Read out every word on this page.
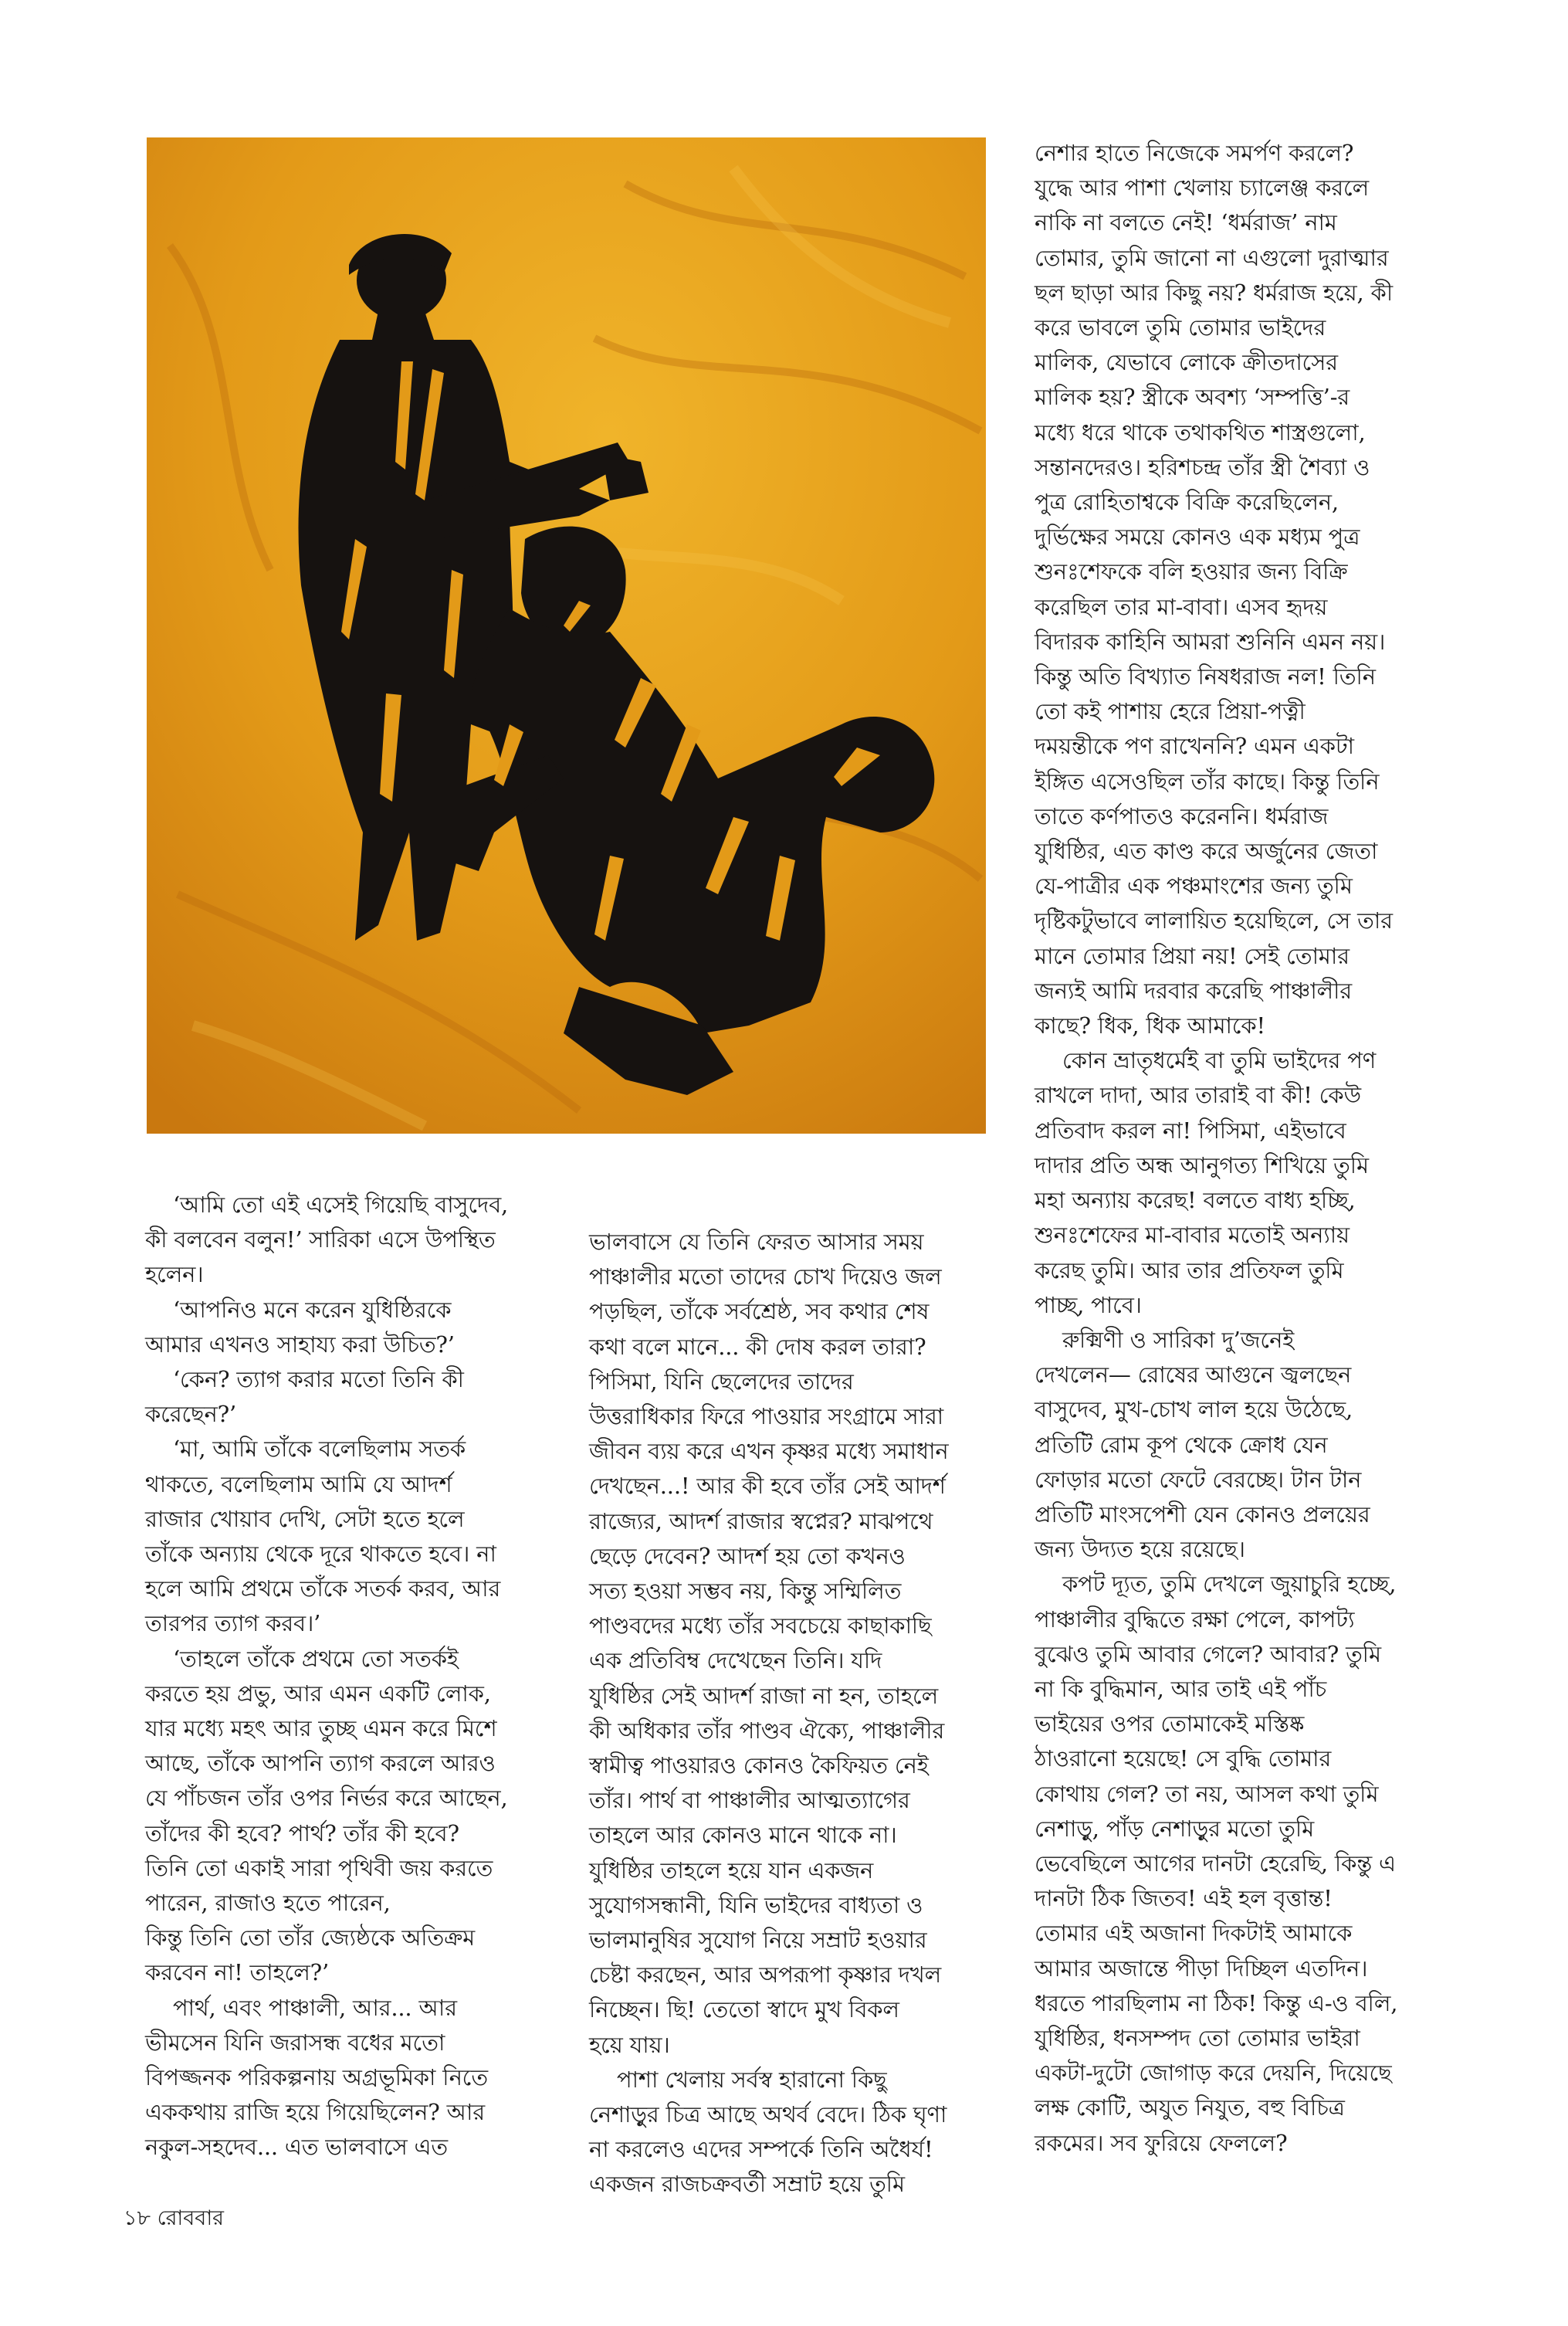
‘আমি তো এই এসেই গিয়েছি বাসুদেব,
কী বলবেন বলুন!’ সারিকা এসে উপস্থিত
হলেন।

‘আপনিও মনে করেন যুধিষ্ঠিরকে
আমার এখনও সাহায্য করা উচিত?’

‘কেন? ত্যাগ করার মতো তিনি কী
করেছেন?’

‘মা, আমি তাঁকে বলেছিলাম সতর্ক
থাকতে, বলেছিলাম আমি যে আদর্শ
রাজার খোয়াব দেখি, সেটা হতে হলে
তাঁকে অন্যায় থেকে দূরে থাকতে হবে। না
হলে আমি প্রথমে তাঁকে সতর্ক করব, আর
তারপর ত্যাগ করব।’

‘তাহলে তাঁকে প্রথমে তো সতর্কই
করতে হয় প্রভু, আর এমন একটি লোক,
যার মধ্যে মহৎ আর তুচ্ছ এমন করে মিশে
আছে, তাঁকে আপনি ত্যাগ করলে আরও
যে পাঁচজন তাঁর ওপর নির্ভর করে আছেন,
তাঁদের কী হবে? পার্থ? তাঁর কী হবে?
তিনি তো একাই সারা পৃথিবী জয় করতে
পারেন, রাজাও হতে পারেন,
কিন্তু তিনি তো তাঁর জ্যেষ্ঠকে অতিক্রম
করবেন না! তাহলে?’

পার্থ, এবং পাঞ্চালী, আর... আর
ভীমসেন যিনি জরাসন্ধ বধের মতো
বিপজ্জনক পরিকল্পনায় অগ্রভূমিকা নিতে
এককথায় রাজি হয়ে গিয়েছিলেন? আর
নকুল-সহদেব... এত ভালবাসে এত

ভালবাসে যে তিনি ফেরত আসার সময়
পাঞ্চালীর মতো তাদের চোখ দিয়েও জল
পড়ছিল, তাঁকে সর্বশ্রেষ্ঠ, সব কথার শেষ
কথা বলে মানে... কী দোষ করল তারা?
পিসিমা, যিনি ছেলেদের তাদের
উত্তরাধিকার ফিরে পাওয়ার সংগ্রামে সারা
জীবন ব্যয় করে এখন কৃষ্ণর মধ্যে সমাধান
দেখছেন...! আর কী হবে তাঁর সেই আদর্শ
রাজ্যের, আদর্শ রাজার স্বপ্নের? মাঝপথে
ছেড়ে দেবেন? আদর্শ হয় তো কখনও
সত্য হওয়া সম্ভব নয়, কিন্তু সম্মিলিত
পাণ্ডবদের মধ্যে তাঁর সবচেয়ে কাছাকাছি
এক প্রতিবিম্ব দেখেছেন তিনি। যদি
যুধিষ্ঠির সেই আদর্শ রাজা না হন, তাহলে
কী অধিকার তাঁর পাণ্ডব ঐক্যে, পাঞ্চালীর
স্বামীত্ব পাওয়ারও কোনও কৈফিয়ত নেই
তাঁর। পার্থ বা পাঞ্চালীর আত্মত্যাগের
তাহলে আর কোনও মানে থাকে না।
যুধিষ্ঠির তাহলে হয়ে যান একজন
সুযোগসন্ধানী, যিনি ভাইদের বাধ্যতা ও
ভালমানুষির সুযোগ নিয়ে সম্রাট হওয়ার
চেষ্টা করছেন, আর অপরূপা কৃষ্ণার দখল
নিচ্ছেন। ছি! তেতো স্বাদে মুখ বিকল
হয়ে যায়।

পাশা খেলায় সর্বস্ব হারানো কিছু
নেশাড়ুর চিত্র আছে অথর্ব বেদে। ঠিক ঘৃণা
না করলেও এদের সম্পর্কে তিনি অধৈর্য!
একজন রাজচক্রবর্তী সম্রাট হয়ে তুমি

নেশার হাতে নিজেকে সমর্পণ করলে?
যুদ্ধে আর পাশা খেলায় চ্যালেঞ্জ করলে
নাকি না বলতে নেই! ‘ধর্মরাজ’ নাম
তোমার, তুমি জানো না এগুলো দুরাত্মার
ছল ছাড়া আর কিছু নয়? ধর্মরাজ হয়ে, কী
করে ভাবলে তুমি তোমার ভাইদের
মালিক, যেভাবে লোকে ক্রীতদাসের
মালিক হয়? স্ত্রীকে অবশ্য ‘সম্পত্তি’-র
মধ্যে ধরে থাকে তথাকথিত শাস্ত্রগুলো,
সন্তানদেরও। হরিশচন্দ্র তাঁর স্ত্রী শৈব্যা ও
পুত্র রোহিতাশ্বকে বিক্রি করেছিলেন,
দুর্ভিক্ষের সময়ে কোনও এক মধ্যম পুত্র
শুনঃশেফকে বলি হওয়ার জন্য বিক্রি
করেছিল তার মা-বাবা। এসব হৃদয়
বিদারক কাহিনি আমরা শুনিনি এমন নয়।
কিন্তু অতি বিখ্যাত নিষধরাজ নল! তিনি
তো কই পাশায় হেরে প্রিয়া-পত্নী
দময়ন্তীকে পণ রাখেননি? এমন একটা
ইঙ্গিত এসেওছিল তাঁর কাছে। কিন্তু তিনি
তাতে কর্ণপাতও করেননি। ধর্মরাজ
যুধিষ্ঠির, এত কাণ্ড করে অর্জুনের জেতা
যে-পাত্রীর এক পঞ্চমাংশের জন্য তুমি
দৃষ্টিকটুভাবে লালায়িত হয়েছিলে, সে তার
মানে তোমার প্রিয়া নয়! সেই তোমার
জন্যই আমি দরবার করেছি পাঞ্চালীর
কাছে? ধিক, ধিক আমাকে!

কোন ভ্রাতৃধর্মেই বা তুমি ভাইদের পণ
রাখলে দাদা, আর তারাই বা কী! কেউ
প্রতিবাদ করল না! পিসিমা, এইভাবে
দাদার প্রতি অন্ধ আনুগত্য শিখিয়ে তুমি
মহা অন্যায় করেছ! বলতে বাধ্য হচ্ছি,
শুনঃশেফের মা-বাবার মতোই অন্যায়
করেছ তুমি। আর তার প্রতিফল তুমি
পাচ্ছ, পাবে।

রুক্মিণী ও সারিকা দু’জনেই
দেখলেন— রোষের আগুনে জ্বলছেন
বাসুদেব, মুখ-চোখ লাল হয়ে উঠেছে,
প্রতিটি রোম কূপ থেকে ক্রোধ যেন
ফোড়ার মতো ফেটে বেরচ্ছে। টান টান
প্রতিটি মাংসপেশী যেন কোনও প্রলয়ের
জন্য উদ্যত হয়ে রয়েছে।

কপট দ্যূত, তুমি দেখলে জুয়াচুরি হচ্ছে,
পাঞ্চালীর বুদ্ধিতে রক্ষা পেলে, কাপট্য
বুঝেও তুমি আবার গেলে? আবার? তুমি
না কি বুদ্ধিমান, আর তাই এই পাঁচ
ভাইয়ের ওপর তোমাকেই মস্তিষ্ক
ঠাওরানো হয়েছে! সে বুদ্ধি তোমার
কোথায় গেল? তা নয়, আসল কথা তুমি
নেশাড়ু, পাঁড় নেশাড়ুর মতো তুমি
ভেবেছিলে আগের দানটা হেরেছি, কিন্তু এ
দানটা ঠিক জিতব! এই হল বৃত্তান্ত!
তোমার এই অজানা দিকটাই আমাকে
আমার অজান্তে পীড়া দিচ্ছিল এতদিন।
ধরতে পারছিলাম না ঠিক! কিন্তু এ-ও বলি,
যুধিষ্ঠির, ধনসম্পদ তো তোমার ভাইরা
একটা-দুটো জোগাড় করে দেয়নি, দিয়েছে
লক্ষ কোটি, অযুত নিযুত, বহু বিচিত্র
রকমের। সব ফুরিয়ে ফেললে?

১৮ রোববার
